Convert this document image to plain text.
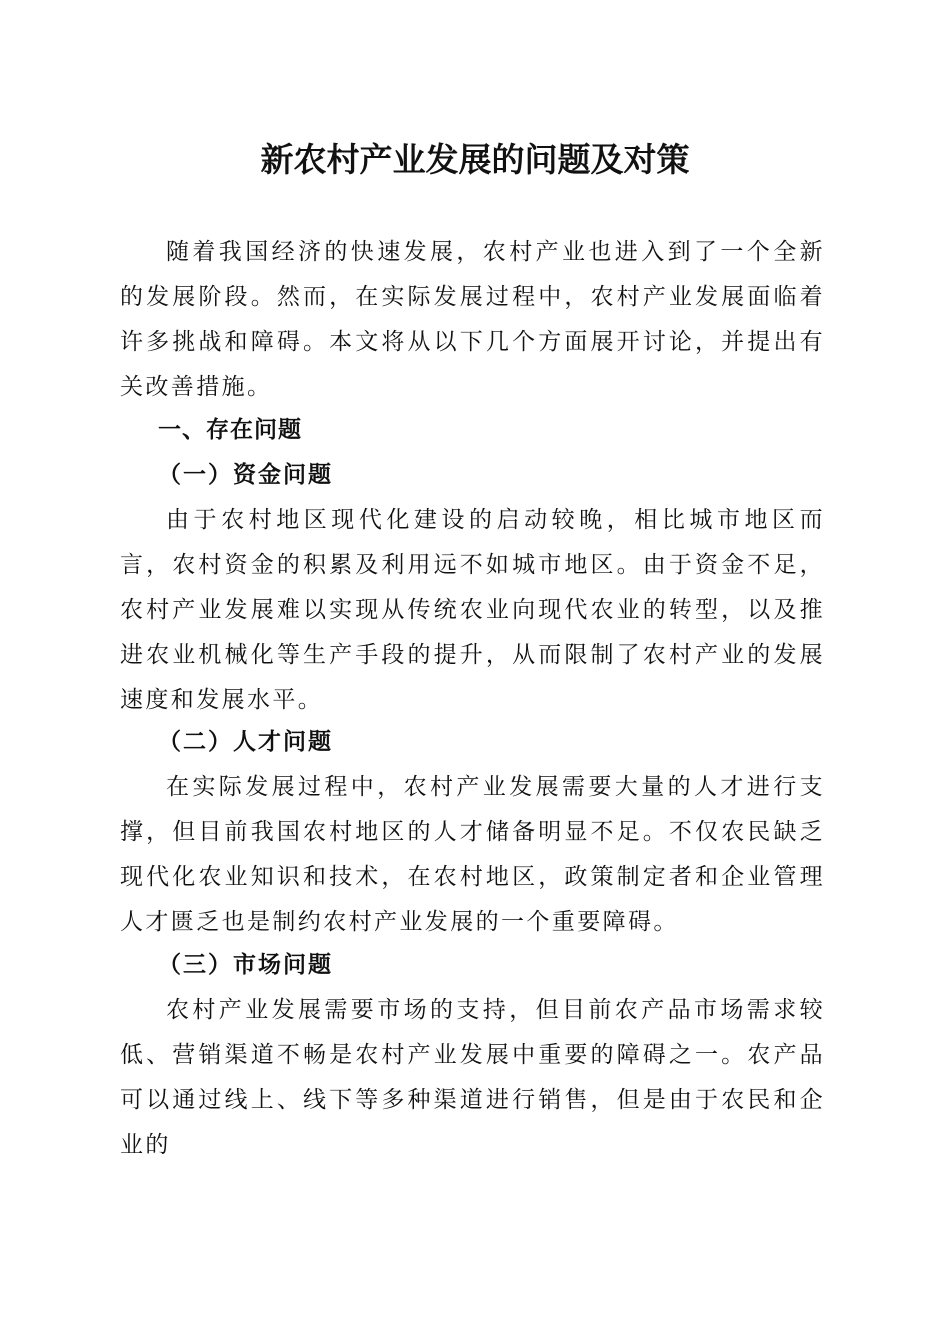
新农村产业发展的问题及对策

随着我国经济的快速发展，农村产业也进入到了一个全新的发展阶段。然而，在实际发展过程中，农村产业发展面临着许多挑战和障碍。本文将从以下几个方面展开讨论，并提出有关改善措施。

一、存在问题
（一）资金问题

由于农村地区现代化建设的启动较晚，相比城市地区而言，农村资金的积累及利用远不如城市地区。由于资金不足，农村产业发展难以实现从传统农业向现代农业的转型，以及推进农业机械化等生产手段的提升，从而限制了农村产业的发展速度和发展水平。

（二）人才问题

在实际发展过程中，农村产业发展需要大量的人才进行支撑，但目前我国农村地区的人才储备明显不足。不仅农民缺乏现代化农业知识和技术，在农村地区，政策制定者和企业管理人才匮乏也是制约农村产业发展的一个重要障碍。

（三）市场问题

农村产业发展需要市场的支持，但目前农产品市场需求较低、营销渠道不畅是农村产业发展中重要的障碍之一。农产品可以通过线上、线下等多种渠道进行销售，但是由于农民和企业的
